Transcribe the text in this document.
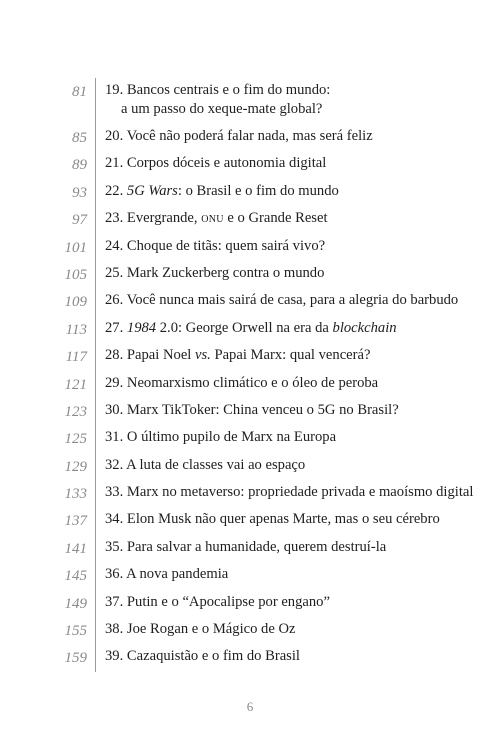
81 19. Bancos centrais e o fim do mundo:
a um passo do xeque-mate global?
85 20. Você não poderá falar nada, mas será feliz
89 21. Corpos dóceis e autonomia digital
93 22. 5G Wars: o Brasil e o fim do mundo
97 23. Evergrande, onu e o Grande Reset
101 24. Choque de titãs: quem sairá vivo?
105 25. Mark Zuckerberg contra o mundo
109 26. Você nunca mais sairá de casa, para a alegria do barbudo
113 27. 1984 2.0: George Orwell na era da blockchain
117 28. Papai Noel vs. Papai Marx: qual vencerá?
121 29. Neomarxismo climático e o óleo de peroba
123 30. Marx TikToker: China venceu o 5G no Brasil?
125 31. O último pupilo de Marx na Europa
129 32. A luta de classes vai ao espaço
133 33. Marx no metaverso: propriedade privada e maoísmo digital
137 34. Elon Musk não quer apenas Marte, mas o seu cérebro
141 35. Para salvar a humanidade, querem destruí-la
145 36. A nova pandemia
149 37. Putin e o “Apocalipse por engano”
155 38. Joe Rogan e o Mágico de Oz
159 39. Cazaquistão e o fim do Brasil
6
